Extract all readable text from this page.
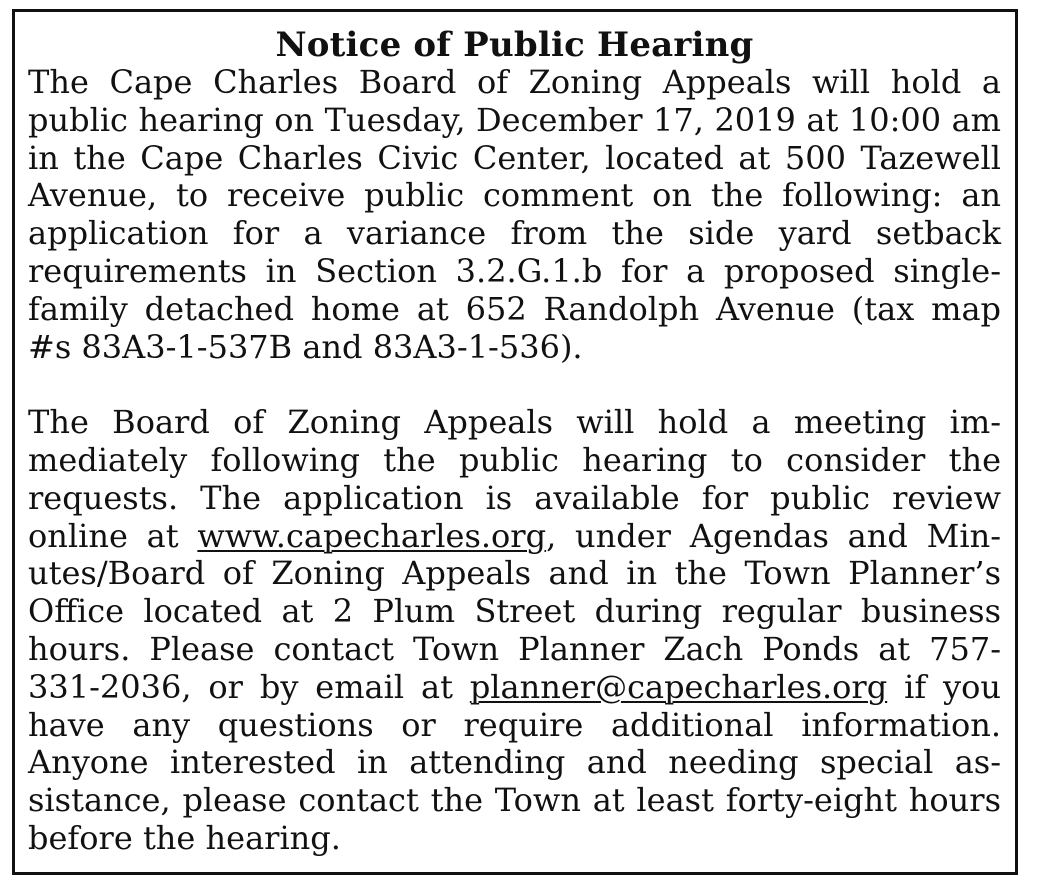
Notice of Public Hearing

The Cape Charles Board of Zoning Appeals will hold a public hearing on Tuesday, December 17, 2019 at 10:00 am in the Cape Charles Civic Center, located at 500 Tazewell Avenue, to receive public comment on the following: an application for a variance from the side yard setback requirements in Section 3.2.G.1.b for a proposed single-family detached home at 652 Randolph Avenue (tax map #s 83A3-1-537B and 83A3-1-536).

The Board of Zoning Appeals will hold a meeting immediately following the public hearing to consider the requests. The application is available for public review online at www.capecharles.org, under Agendas and Minutes/Board of Zoning Appeals and in the Town Planner’s Office located at 2 Plum Street during regular business hours. Please contact Town Planner Zach Ponds at 757-331-2036, or by email at planner@capecharles.org if you have any questions or require additional information. Anyone interested in attending and needing special assistance, please contact the Town at least forty-eight hours before the hearing.
